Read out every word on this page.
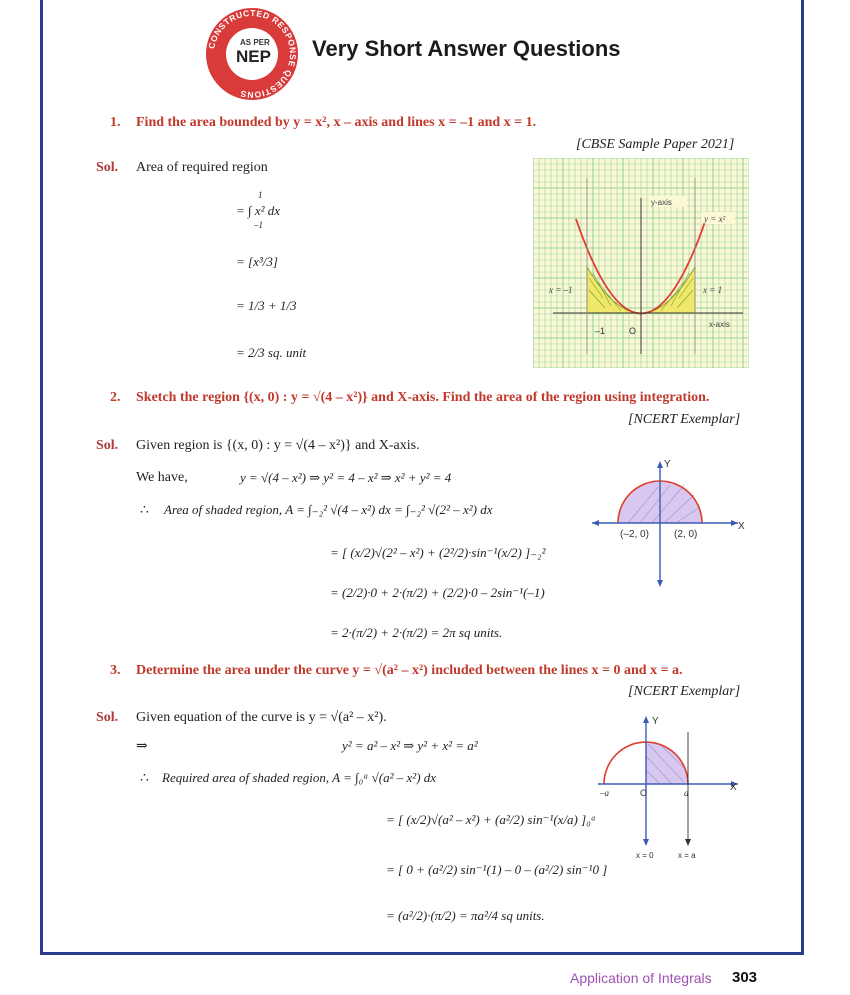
CONSTRUCTED RESPONSE QUESTIONS
AS PER
NEP Very Short Answer Questions
1. Find the area bounded by y = x², x – axis and lines x = –1 and x = 1.
[CBSE Sample Paper 2021]
Sol. Area of required region
1
= ∫ x² dx
–1
= [x³/3]
= 1/3 + 1/3
= 2/3 sq. unit
y-axis
y = x²
x = –1	x = 1
x-axis
–1	O
2. Sketch the region {(x, 0) : y = √(4 – x²)} and X-axis. Find the area of the region using integration.
[NCERT Exemplar]
Sol. Given region is {(x, 0) : y = √(4 – x²)} and X-axis.
We have,	y = √(4 – x²) ⇒ y² = 4 – x² ⇒ x² + y² = 4
∴ Area of shaded region, A = ∫₋₂² √(4 – x²) dx = ∫₋₂² √(2² – x²) dx
= [ (x/2)√(2² – x²) + (2²/2)·sin⁻¹(x/2) ]₋₂²
= (2/2)·0 + 2·(π/2) + (2/2)·0 – 2sin⁻¹(–1)
= 2·(π/2) + 2·(π/2) = 2π sq units.
Y
X
(–2, 0)	(2, 0)
3. Determine the area under the curve y = √(a² – x²) included between the lines x = 0 and x = a.
[NCERT Exemplar]
Sol. Given equation of the curve is y = √(a² – x²).
⇒	y² = a² – x² ⇒ y² + x² = a²
∴ Required area of shaded region, A = ∫₀ᵃ √(a² – x²) dx
= [ (x/2)√(a² – x²) + (a²/2) sin⁻¹(x/a) ]₀ᵃ
= [ 0 + (a²/2) sin⁻¹(1) – 0 – (a²/2) sin⁻¹0 ]
= (a²/2)·(π/2) = πa²/4 sq units.
Y
X
–a	O	a
x = 0	x = a
Application of Integrals 303
